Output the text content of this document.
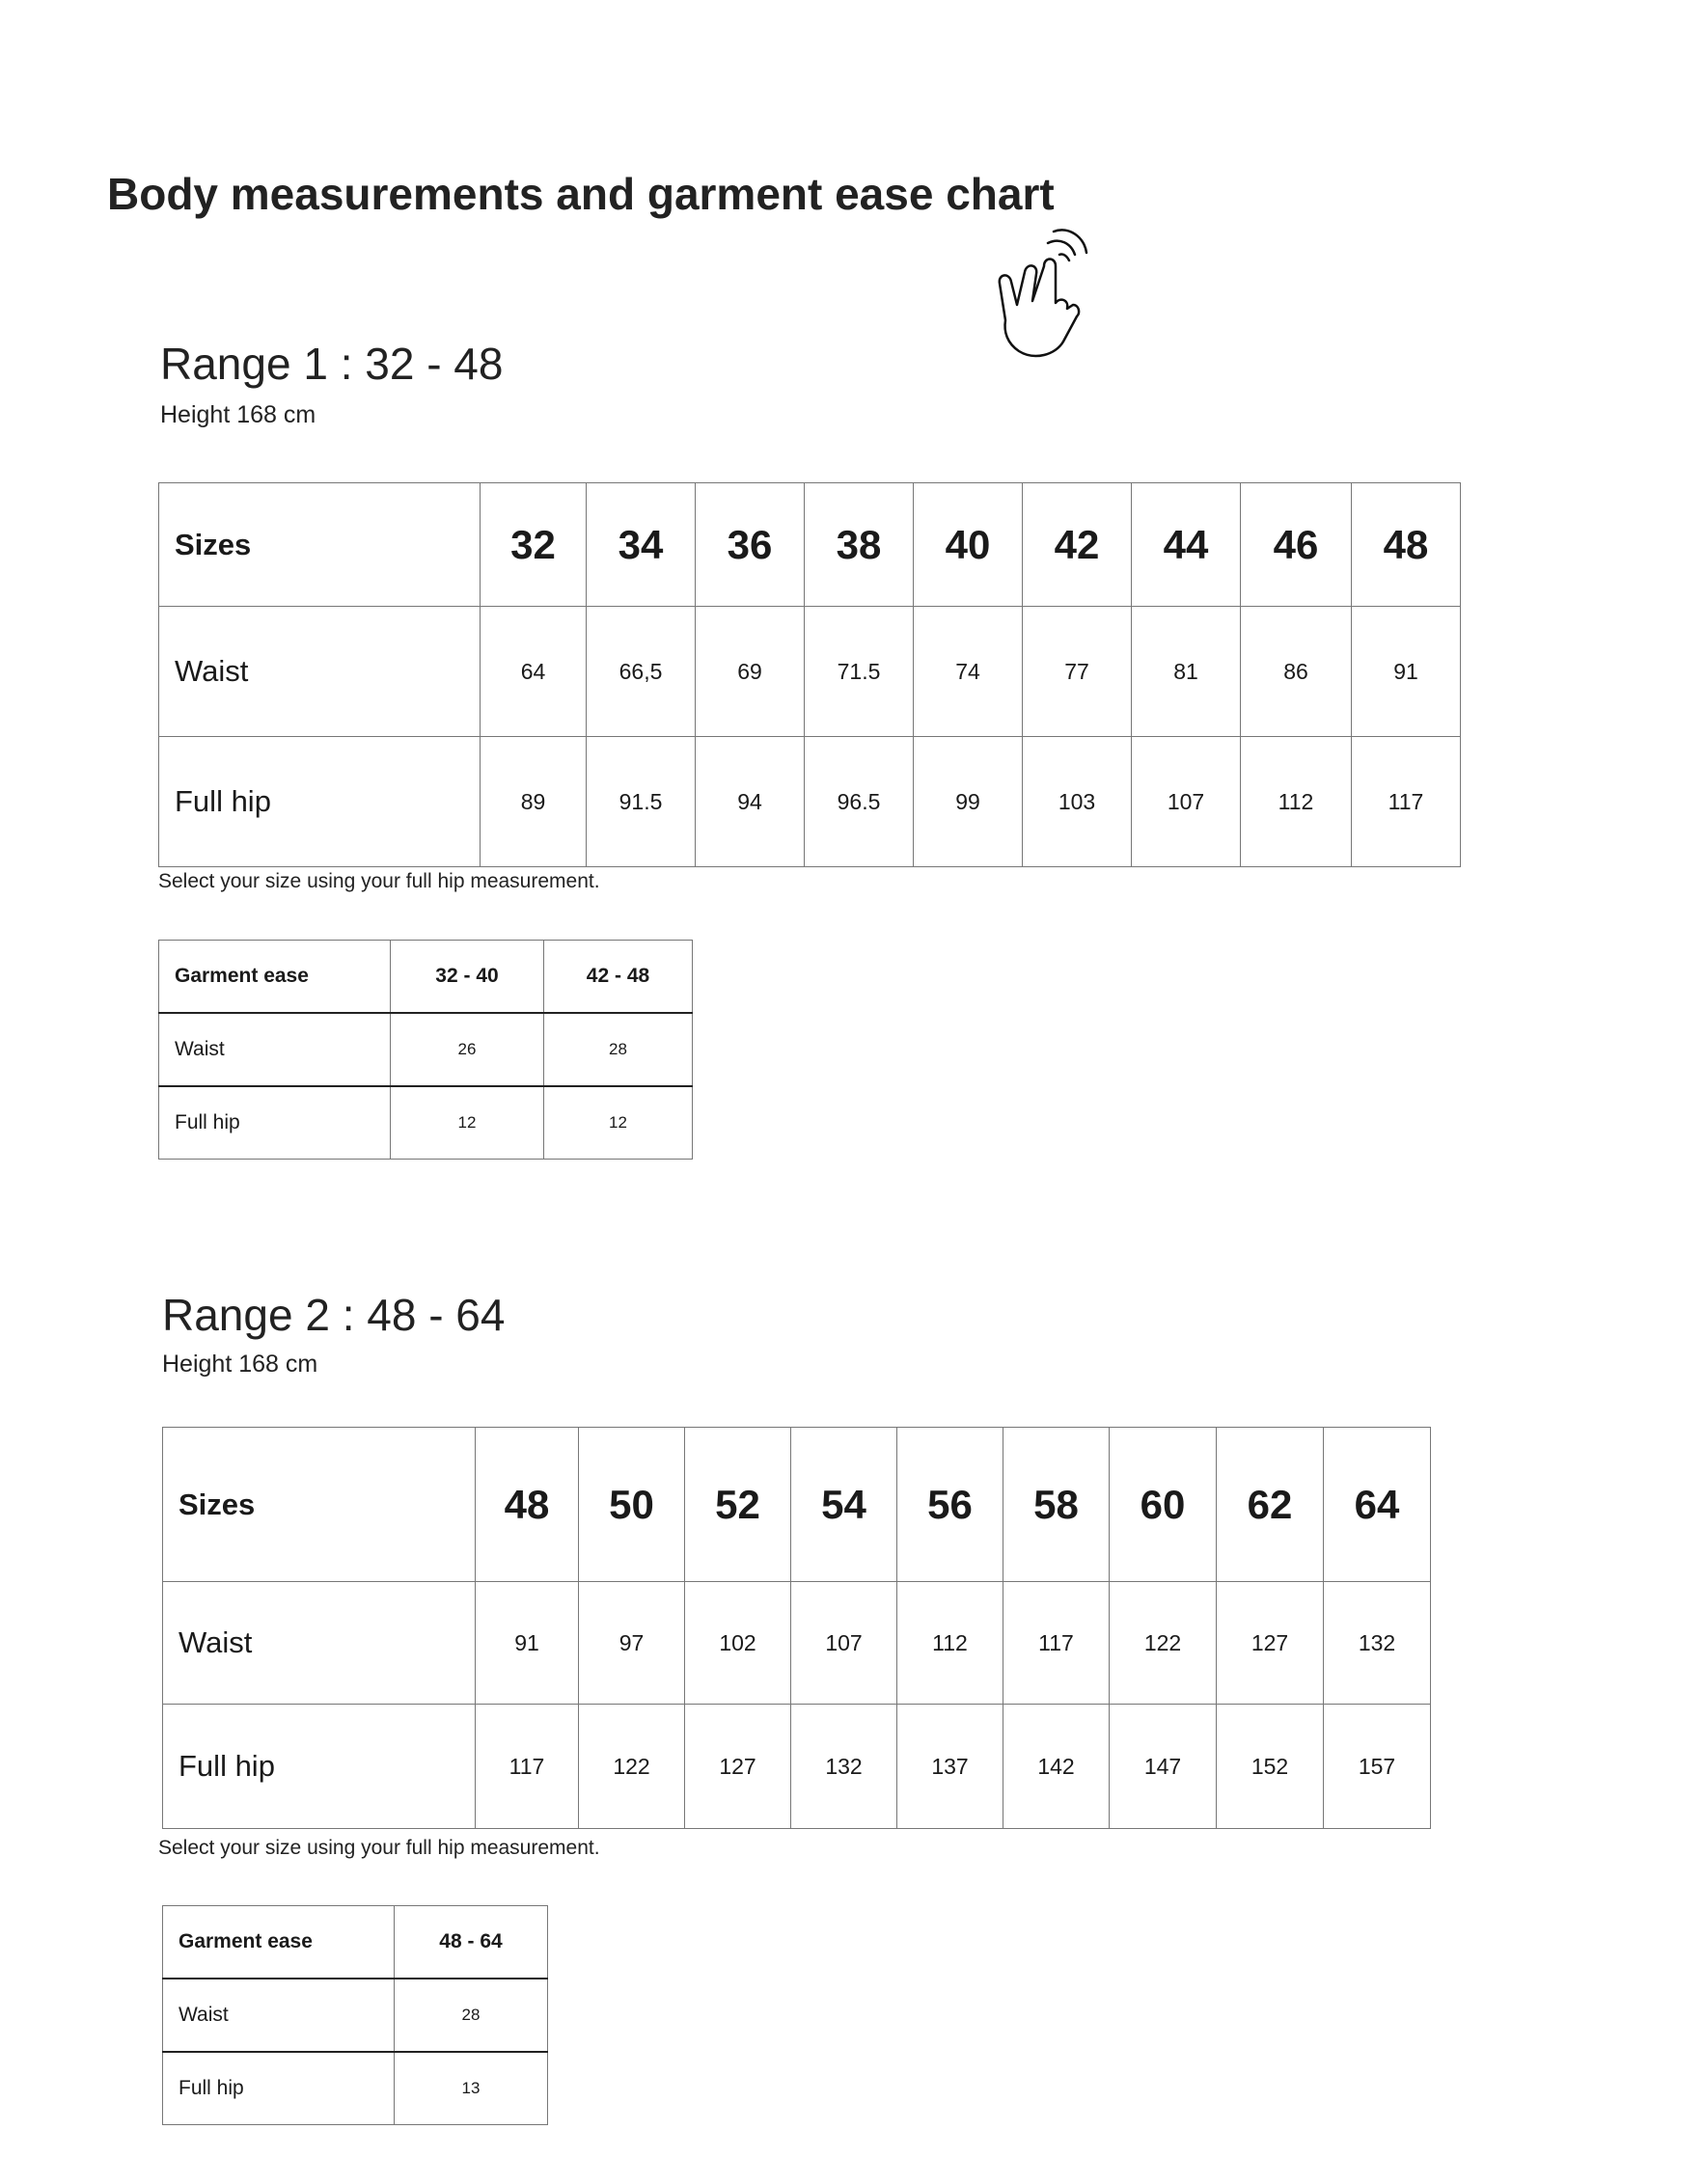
Body measurements and garment ease chart
Range 1 : 32 - 48

Height 168 cm

Sizes	32	34	36	38	40	42	44	46	48
Waist	64	66,5	69	71.5	74	77	81	86	91
Full hip	89	91.5	94	96.5	99	103	107	112	117

Select your size using your full hip measurement.

Garment ease	32 - 40	42 - 48
Waist	26	28
Full hip	12	12
Range 2 : 48 - 64

Height 168 cm

Sizes	48	50	52	54	56	58	60	62	64
Waist	91	97	102	107	112	117	122	127	132
Full hip	117	122	127	132	137	142	147	152	157

Select your size using your full hip measurement.

Garment ease	48 - 64
Waist	28
Full hip	13
